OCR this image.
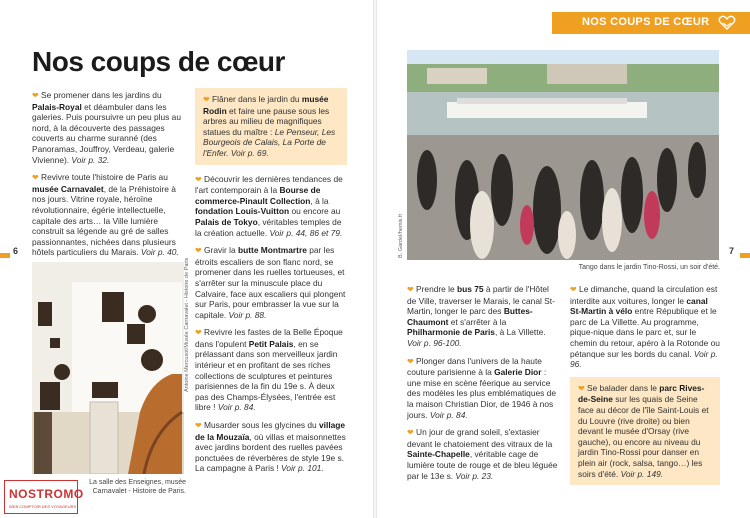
NOS COUPS DE CŒUR
Nos coups de cœur
6	7

❤ Se promener dans les jardins du Palais-Royal et déambuler dans les galeries. Puis poursuivre un peu plus au nord, à la découverte des passages couverts au charme suranné (des Panoramas, Jouffroy, Verdeau, galerie Vivienne). Voir p. 32.

❤ Revivre toute l'histoire de Paris au musée Carnavalet, de la Préhistoire à nos jours. Vitrine royale, héroïne révolutionnaire, égérie intellectuelle, capitale des arts… la Ville lumière construit sa légende au gré de salles passionnantes, nichées dans plusieurs hôtels particuliers du Marais. Voir p. 40.

Antoine Mercusot/Musée Carnavalet - Histoire de Paris
La salle des Enseignes, musée Carnavalet - Histoire de Paris.
❤ Flâner dans le jardin du musée Rodin et faire une pause sous les arbres au milieu de magnifiques statues du maître : Le Penseur, Les Bourgeois de Calais, La Porte de l'Enfer. Voir p. 69.

❤ Découvrir les dernières tendances de l'art contemporain à la Bourse de commerce-Pinault Collection, à la fondation Louis-Vuitton ou encore au Palais de Tokyo, véritables temples de la création actuelle. Voir p. 44, 86 et 79.

❤ Gravir la butte Montmartre par les étroits escaliers de son flanc nord, se promener dans les ruelles tortueuses, et s'arrêter sur la minuscule place du Calvaire, face aux escaliers qui plongent sur Paris, pour embrasser la vue sur la capitale. Voir p. 88.

❤ Revivre les fastes de la Belle Époque dans l'opulent Petit Palais, en se prélassant dans son merveilleux jardin intérieur et en profitant de ses riches collections de sculptures et peintures parisiennes de la fin du 19e s. À deux pas des Champs-Élysées, l'entrée est libre ! Voir p. 84.

❤ Musarder sous les glycines du village de la Mouzaïa, où villas et maisonnettes avec jardins bordent des ruelles pavées ponctuées de réverbères de style 19e s. La campagne à Paris ! Voir p. 101.

B. Gardel/hemis.fr
Tango dans le jardin Tino-Rossi, un soir d'été.

❤ Prendre le bus 75 à partir de l'Hôtel de Ville, traverser le Marais, le canal St-Martin, longer le parc des Buttes-Chaumont et s'arrêter à la Philharmonie de Paris, à La Villette. Voir p. 96-100.

❤ Plonger dans l'univers de la haute couture parisienne à la Galerie Dior : une mise en scène féerique au service des modèles les plus emblématiques de la maison Christian Dior, de 1946 à nos jours. Voir p. 84.

❤ Un jour de grand soleil, s'extasier devant le chatoiement des vitraux de la Sainte-Chapelle, véritable cage de lumière toute de rouge et de bleu léguée par le 13e s. Voir p. 23.

❤ Le dimanche, quand la circulation est interdite aux voitures, longer le canal St-Martin à vélo entre République et le parc de La Villette. Au programme, pique-nique dans le parc et, sur le chemin du retour, apéro à la Rotonde ou pétanque sur les bords du canal. Voir p. 96.

❤ Se balader dans le parc Rives-de-Seine sur les quais de Seine face au décor de l'île Saint-Louis et du Louvre (rive droite) ou bien devant le musée d'Orsay (rive gauche), ou encore au niveau du jardin Tino-Rossi pour danser en plein air (rock, salsa, tango…) les soirs d'été. Voir p. 149.
NOSTROMO
WEB COMPTOIR DES VOYAGEURS
